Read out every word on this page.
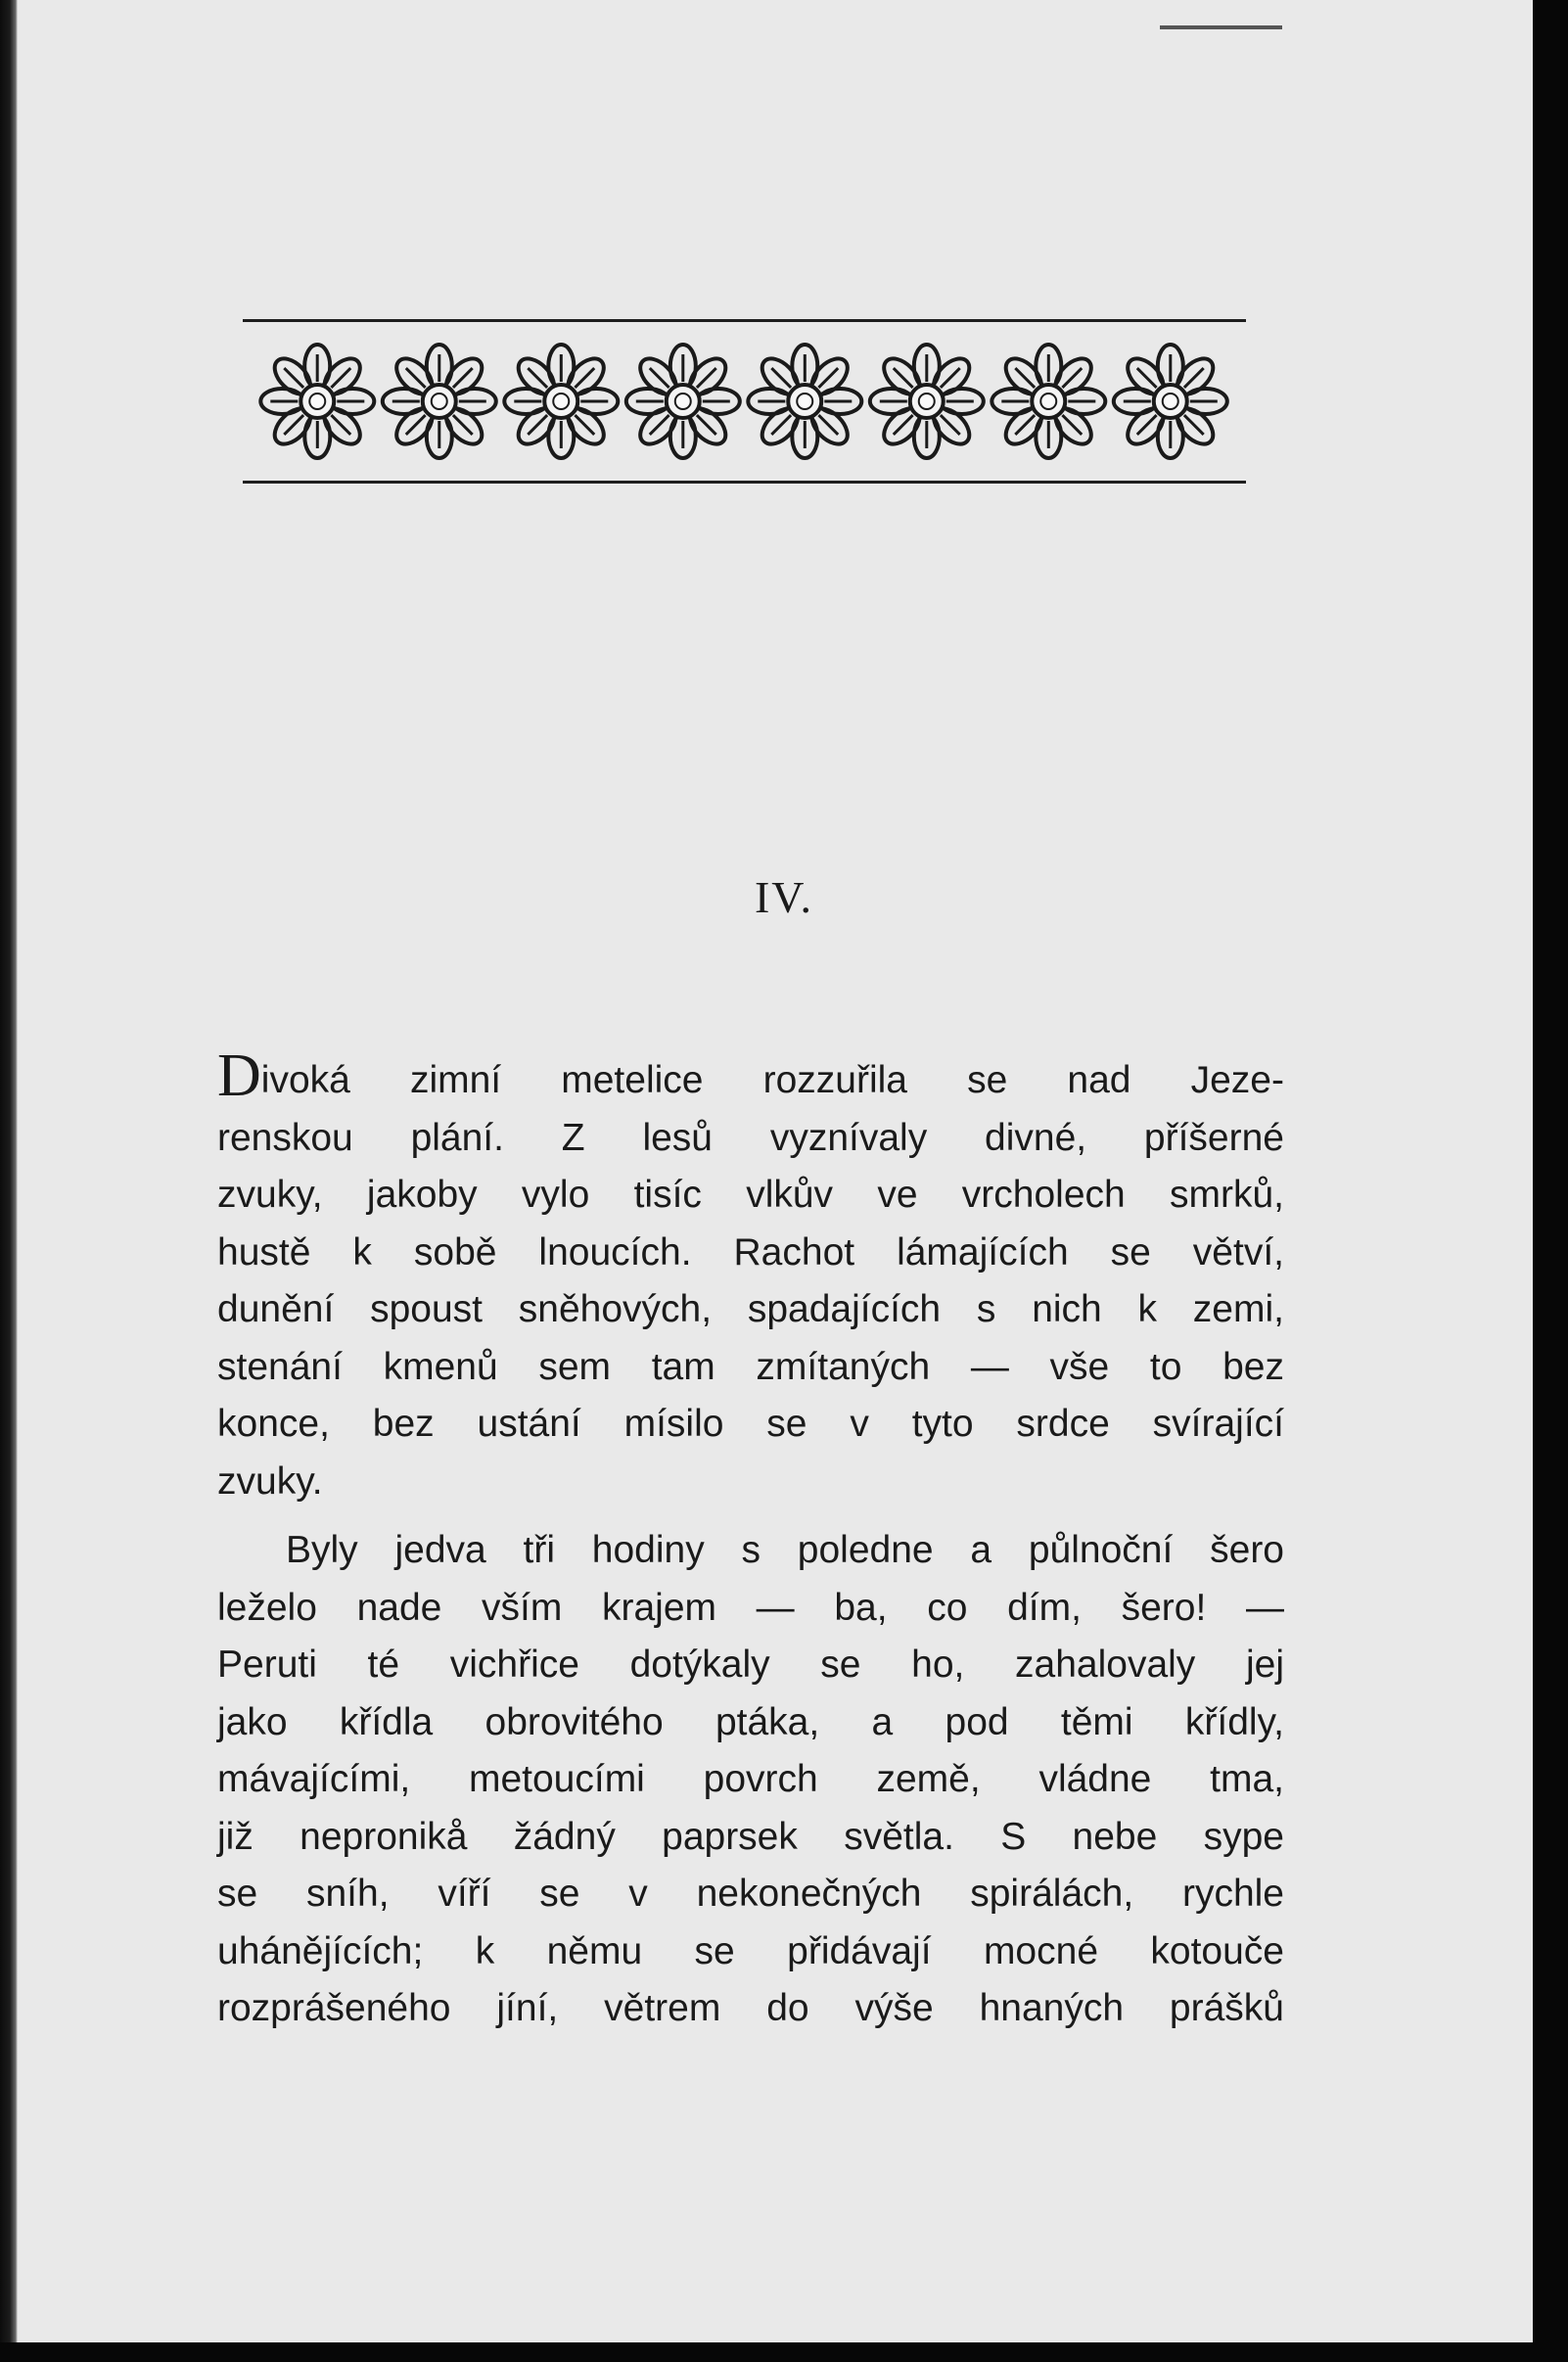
IV.
Divoká zimní metelice rozzuřila se nad Jeze-
renskou plání. Z lesů vyznívaly divné, příšerné
zvuky, jakoby vylo tisíc vlkův ve vrcholech smrků,
hustě k sobě lnoucích. Rachot lámajících se větví,
dunění spoust sněhových, spadajících s nich k zemi,
stenání kmenů sem tam zmítaných — vše to bez
konce, bez ustání mísilo se v tyto srdce svírající
zvuky.
Byly jedva tři hodiny s poledne a půlnoční šero
leželo nade vším krajem — ba, co dím, šero! —
Peruti té vichřice dotýkaly se ho, zahalovaly jej
jako křídla obrovitého ptáka, a pod těmi křídly,
mávajícími, metoucími povrch země, vládne tma,
již nepronikå žádný paprsek světla. S nebe sype
se sníh, víří se v nekonečných spirálách, rychle
uhánějících; k němu se přidávají mocné kotouče
rozprášeného jíní, větrem do výše hnaných prášků
